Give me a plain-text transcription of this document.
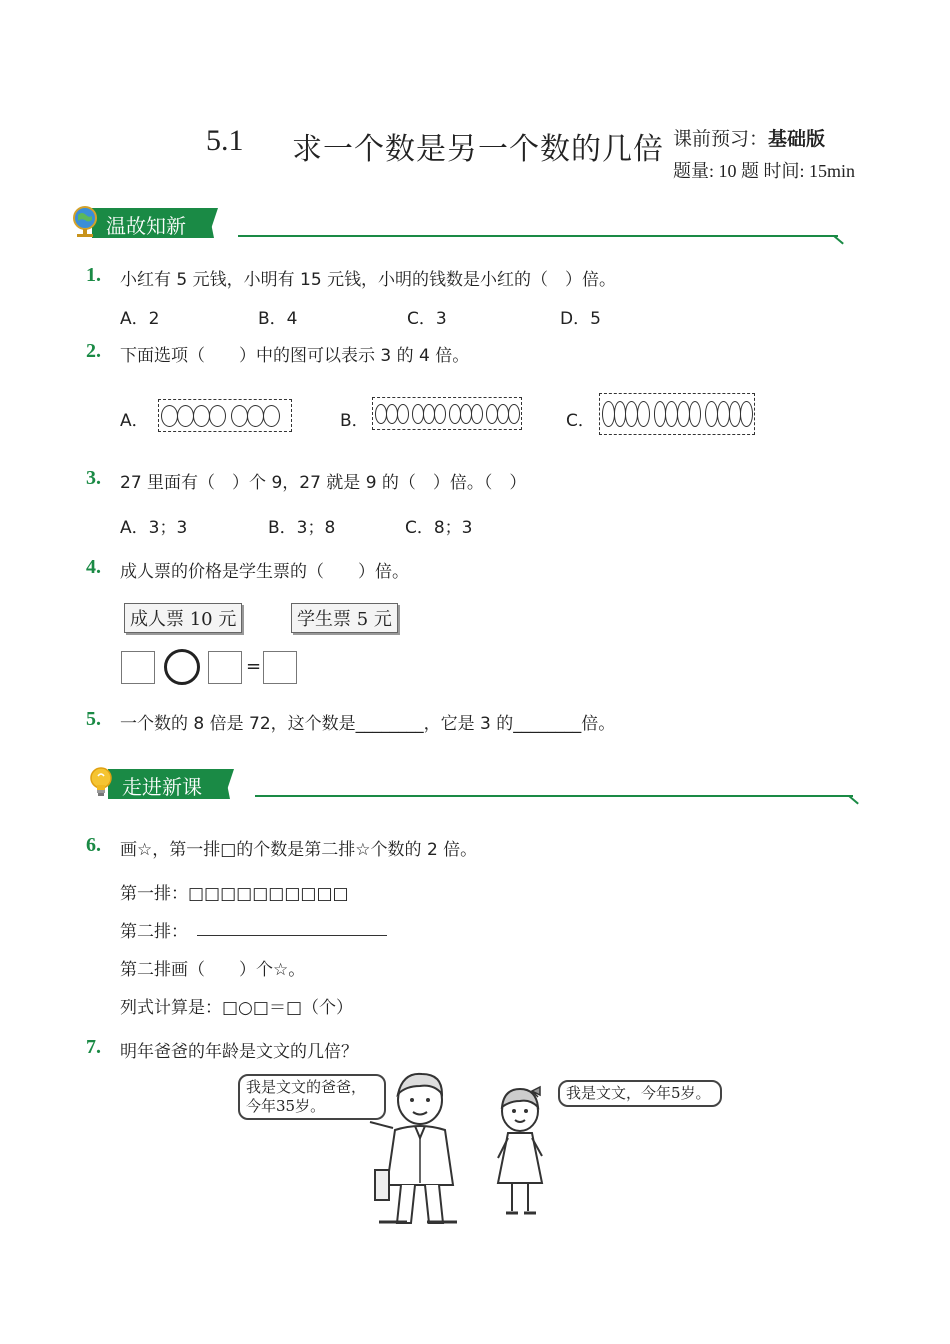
5.1 求一个数是另一个数的几倍 课前预习：基础版
题量: 10 题 时间: 15min
温故知新
1. 小红有 5 元钱，小明有 15 元钱，小明的钱数是小红的（　）倍。
A．2	B．4	C．3	D．5
2. 下面选项（　　）中的图可以表示 3 的 4 倍。
A．	B．	C．
3. 27 里面有（　）个 9，27 就是 9 的（　）倍。（　）
A．3；3	B．3；8	C．8；3
4. 成人票的价格是学生票的（　　）倍。
成人票 10 元	学生票 5 元
=
5. 一个数的 8 倍是 72，这个数是________，它是 3 的________倍。
走进新课
6. 画☆，第一排□的个数是第二排☆个数的 2 倍。
第一排：□□□□□□□□□□
第二排：
第二排画（　　）个☆。
列式计算是：□○□＝□（个）
7. 明年爸爸的年龄是文文的几倍？
我是文文的爸爸，
今年35岁。
我是文文，今年5岁。
